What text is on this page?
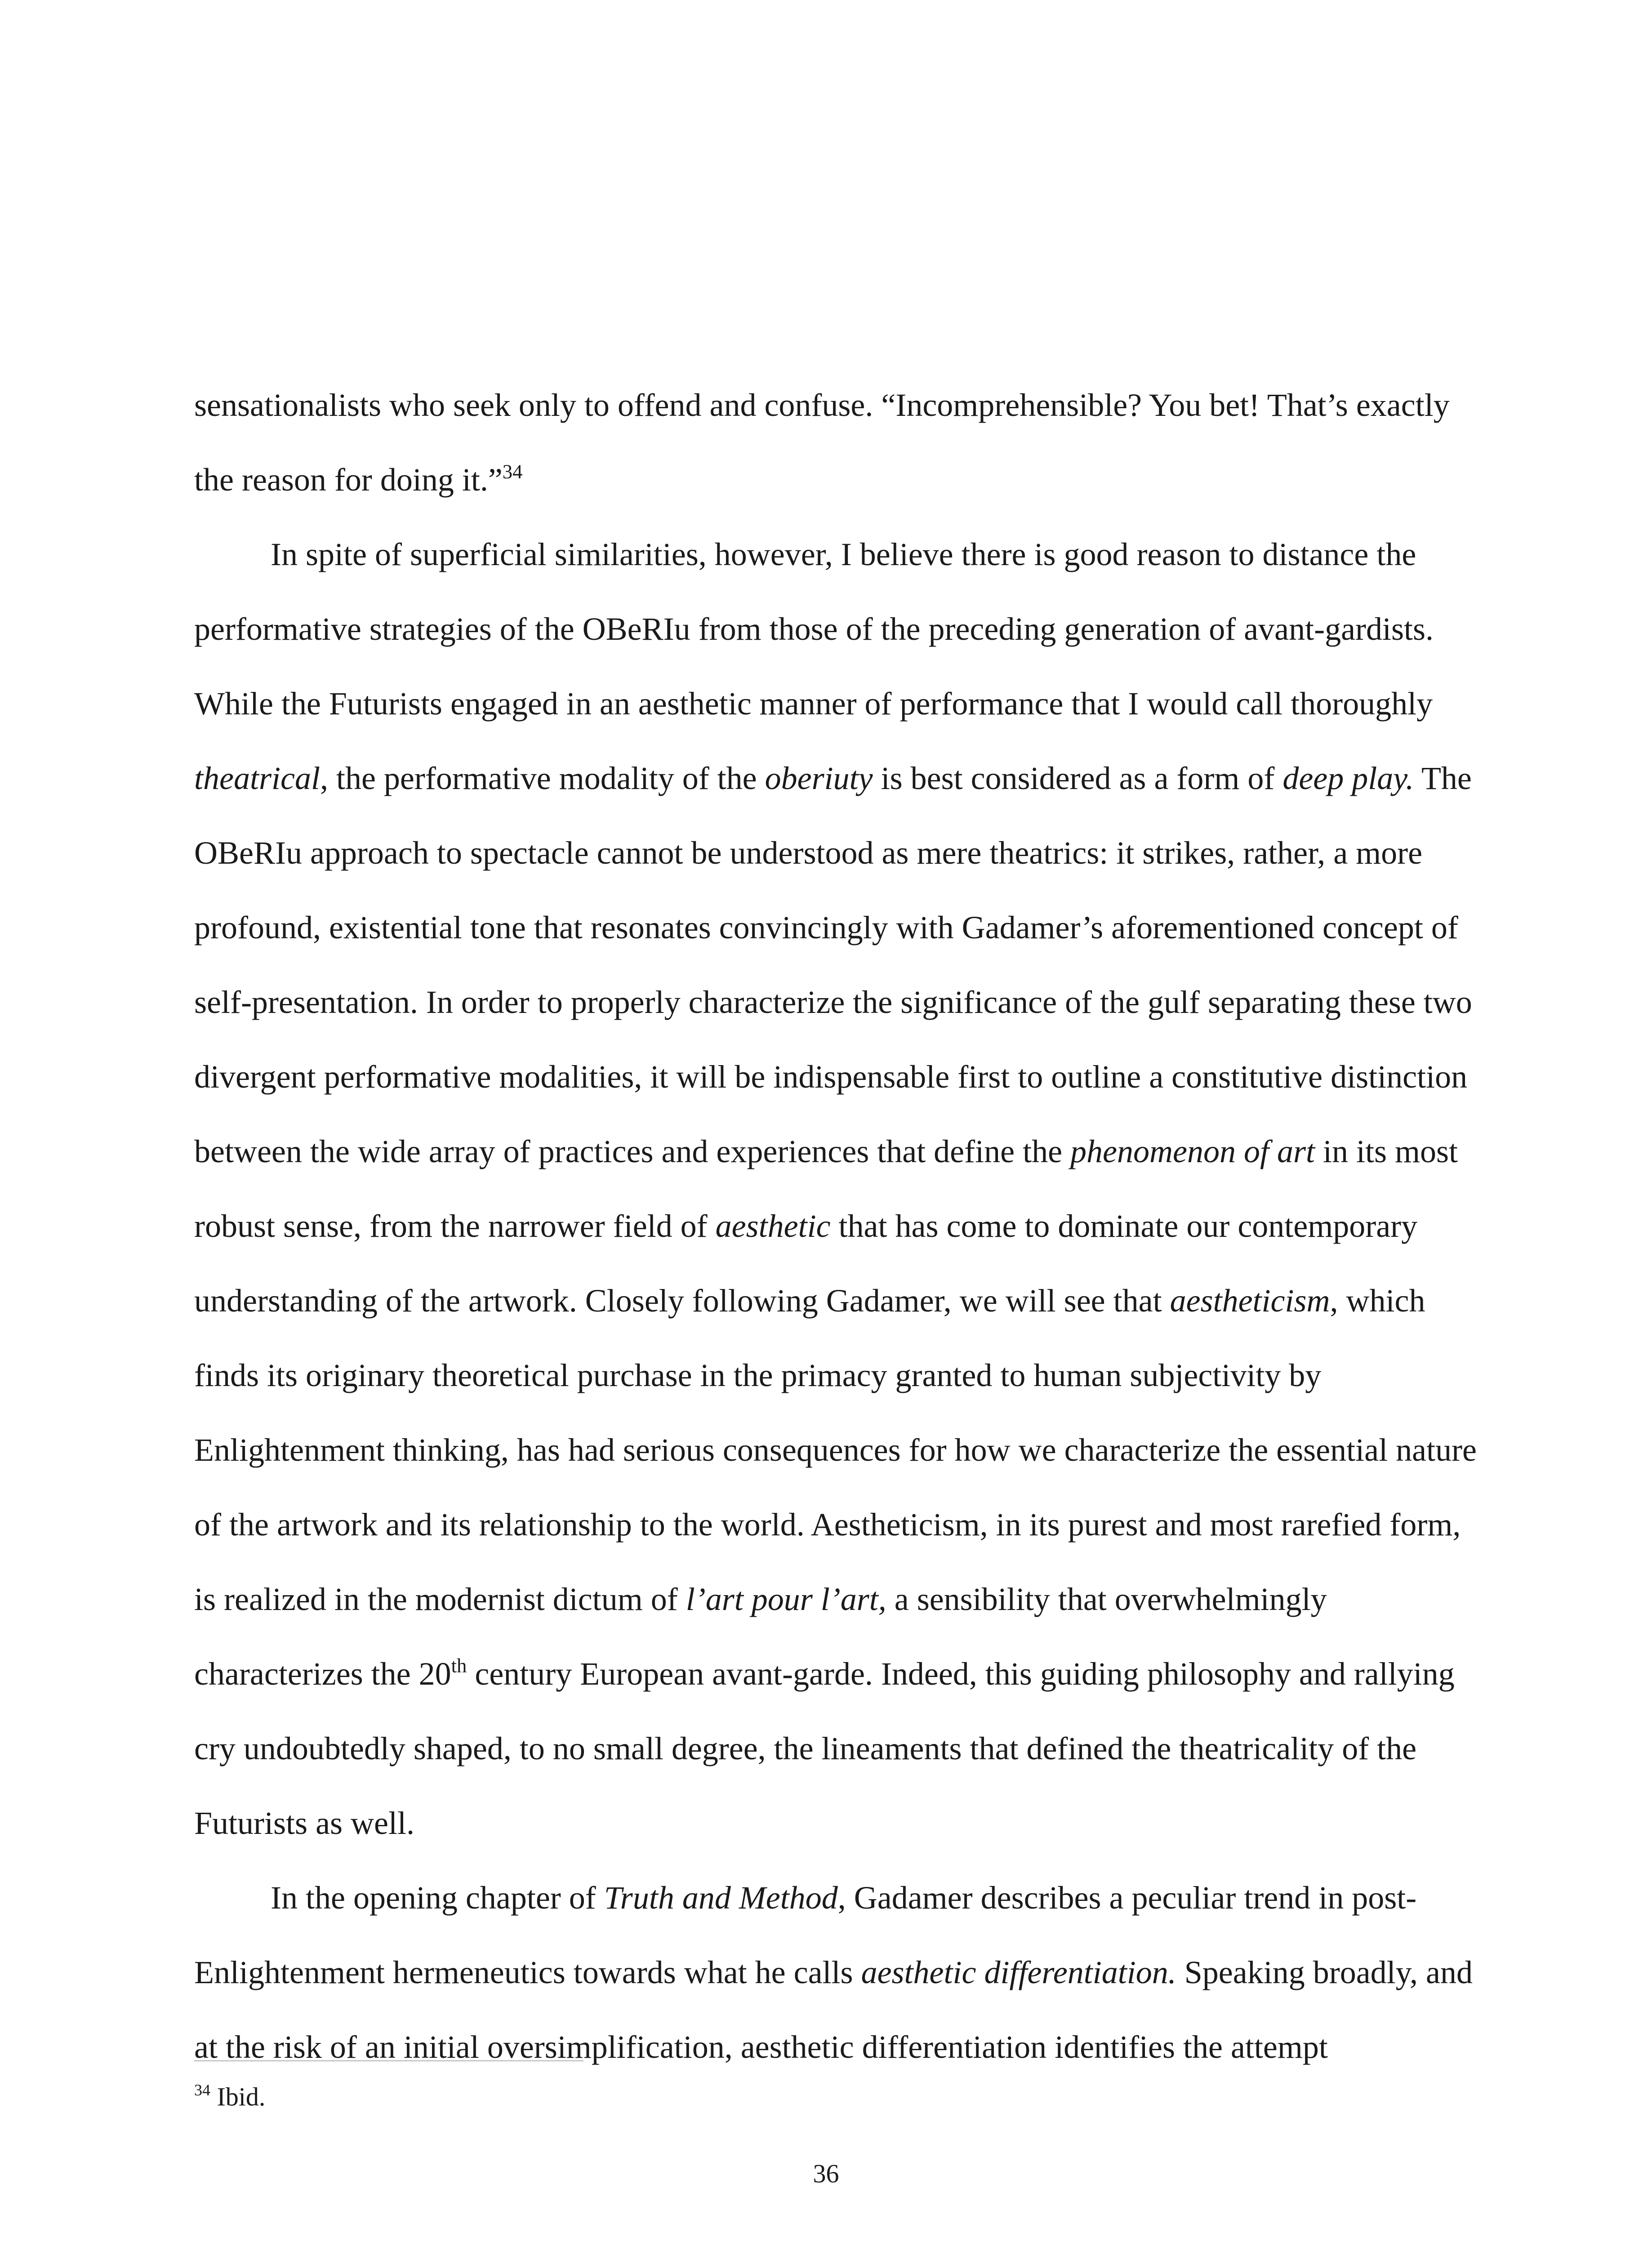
sensationalists who seek only to offend and confuse. “Incomprehensible? You bet! That’s exactly the reason for doing it.”$^{34}$

In spite of superficial similarities, however, I believe there is good reason to distance the performative strategies of the OBeRIu from those of the preceding generation of avant-gardists. While the Futurists engaged in an aesthetic manner of performance that I would call thoroughly theatrical, the performative modality of the oberiuty is best considered as a form of deep play. The OBeRIu approach to spectacle cannot be understood as mere theatrics: it strikes, rather, a more profound, existential tone that resonates convincingly with Gadamer’s aforementioned concept of self-presentation. In order to properly characterize the significance of the gulf separating these two divergent performative modalities, it will be indispensable first to outline a constitutive distinction between the wide array of practices and experiences that define the phenomenon of art in its most robust sense, from the narrower field of aesthetic that has come to dominate our contemporary understanding of the artwork. Closely following Gadamer, we will see that aestheticism, which finds its originary theoretical purchase in the primacy granted to human subjectivity by Enlightenment thinking, has had serious consequences for how we characterize the essential nature of the artwork and its relationship to the world. Aestheticism, in its purest and most rarefied form, is realized in the modernist dictum of l’art pour l’art, a sensibility that overwhelmingly characterizes the 20th century European avant-garde. Indeed, this guiding philosophy and rallying cry undoubtedly shaped, to no small degree, the lineaments that defined the theatricality of the Futurists as well.

In the opening chapter of Truth and Method, Gadamer describes a peculiar trend in post-Enlightenment hermeneutics towards what he calls aesthetic differentiation. Speaking broadly, and at the risk of an initial oversimplification, aesthetic differentiation identifies the attempt

$^{34}$ Ibid.

36
